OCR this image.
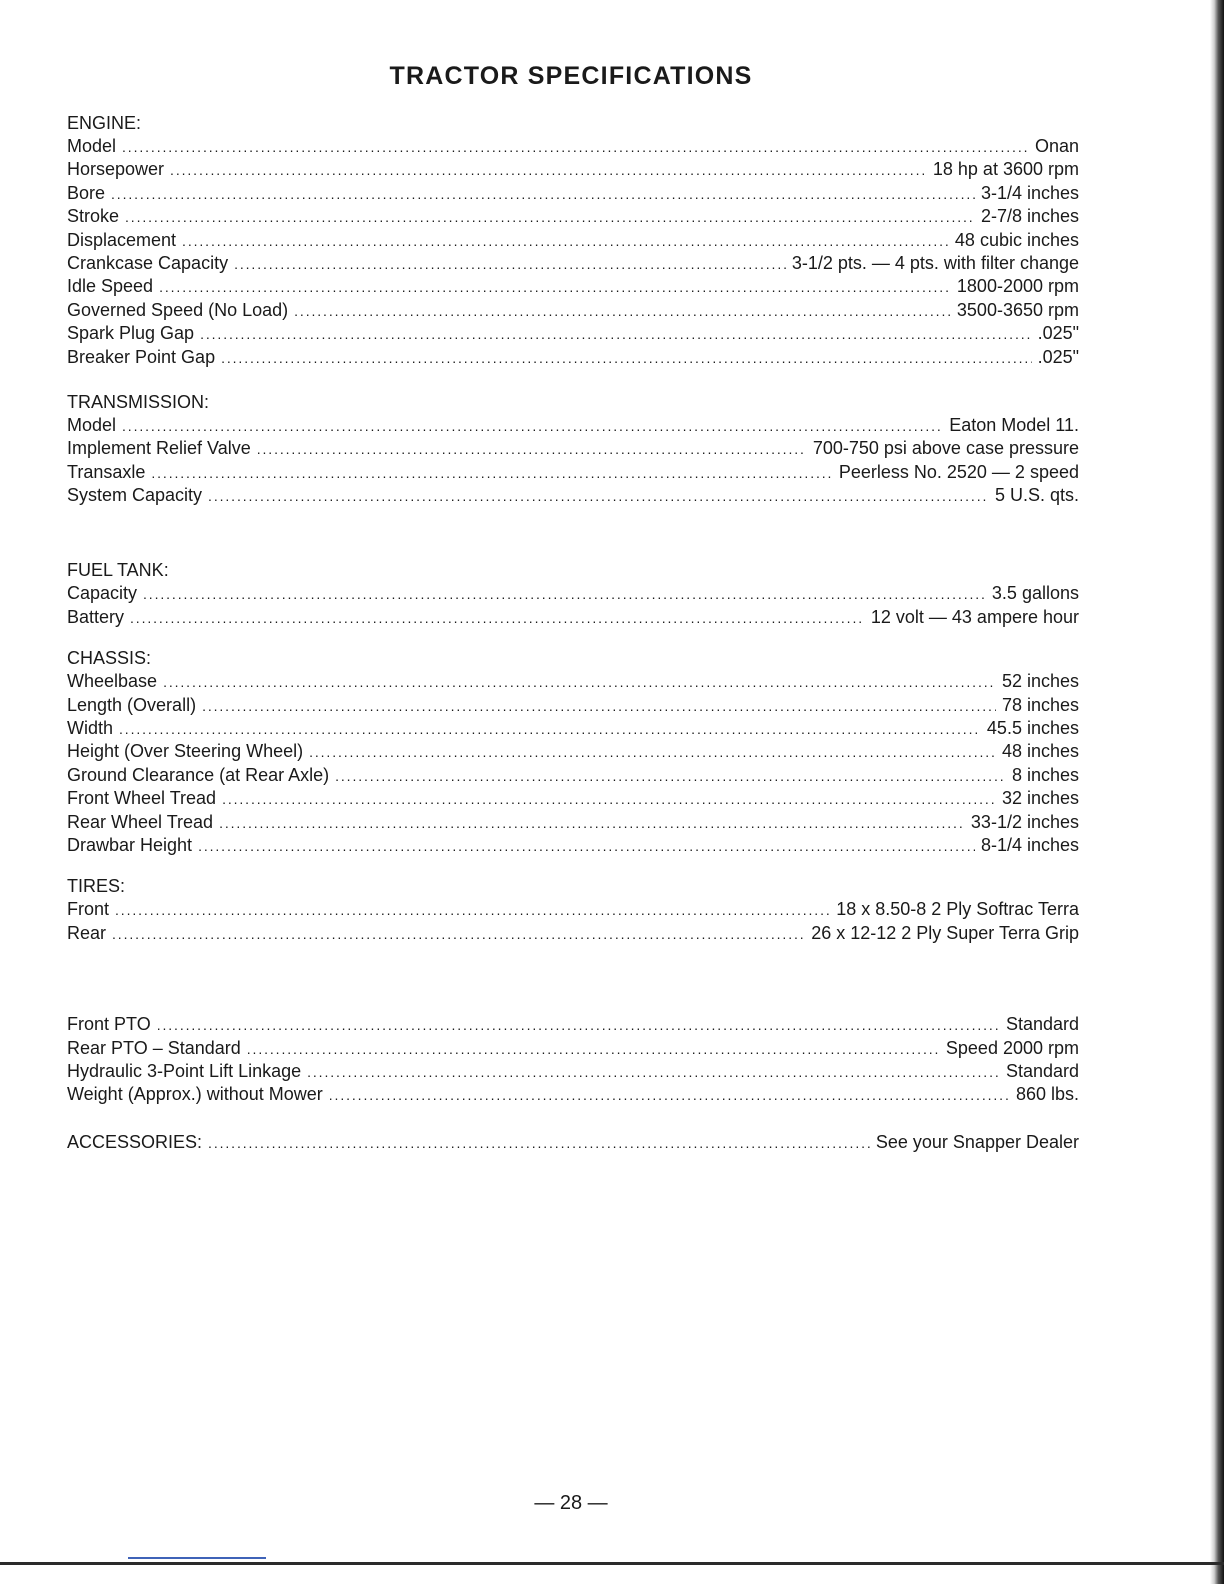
TRACTOR SPECIFICATIONS
ENGINE:
Model . . .	Onan
Horsepower . . .	18 hp at 3600 rpm
Bore . . .	3-1/4 inches
Stroke . . .	2-7/8 inches
Displacement . . .	48 cubic inches
Crankcase Capacity . . .	3-1/2 pts. — 4 pts. with filter change
Idle Speed . . .	1800-2000 rpm
Governed Speed (No Load) . . .	3500-3650 rpm
Spark Plug Gap . . .	.025"
Breaker Point Gap . . .	.025"
TRANSMISSION:
Model . . .	Eaton Model 11.
Implement Relief Valve . . .	700-750 psi above case pressure
Transaxle . . .	Peerless No. 2520 — 2 speed
System Capacity . . .	5 U.S. qts.
FUEL TANK:
Capacity . . .	3.5 gallons
Battery . . .	12 volt — 43 ampere hour
CHASSIS:
Wheelbase . . .	52 inches
Length (Overall) . . .	78 inches
Width . . .	45.5 inches
Height (Over Steering Wheel) . . .	48 inches
Ground Clearance (at Rear Axle) . . .	8 inches
Front Wheel Tread . . .	32 inches
Rear Wheel Tread . . .	33-1/2 inches
Drawbar Height . . .	8-1/4 inches
TIRES:
Front . . .	18 x 8.50-8 2 Ply Softrac Terra
Rear . . .	26 x 12-12 2 Ply Super Terra Grip
Front PTO . . .	Standard
Rear PTO – Standard . . .	Speed 2000 rpm
Hydraulic 3-Point Lift Linkage . . .	Standard
Weight (Approx.) without Mower . . .	860 lbs.
ACCESSORIES: . . .	See your Snapper Dealer
— 28 —
